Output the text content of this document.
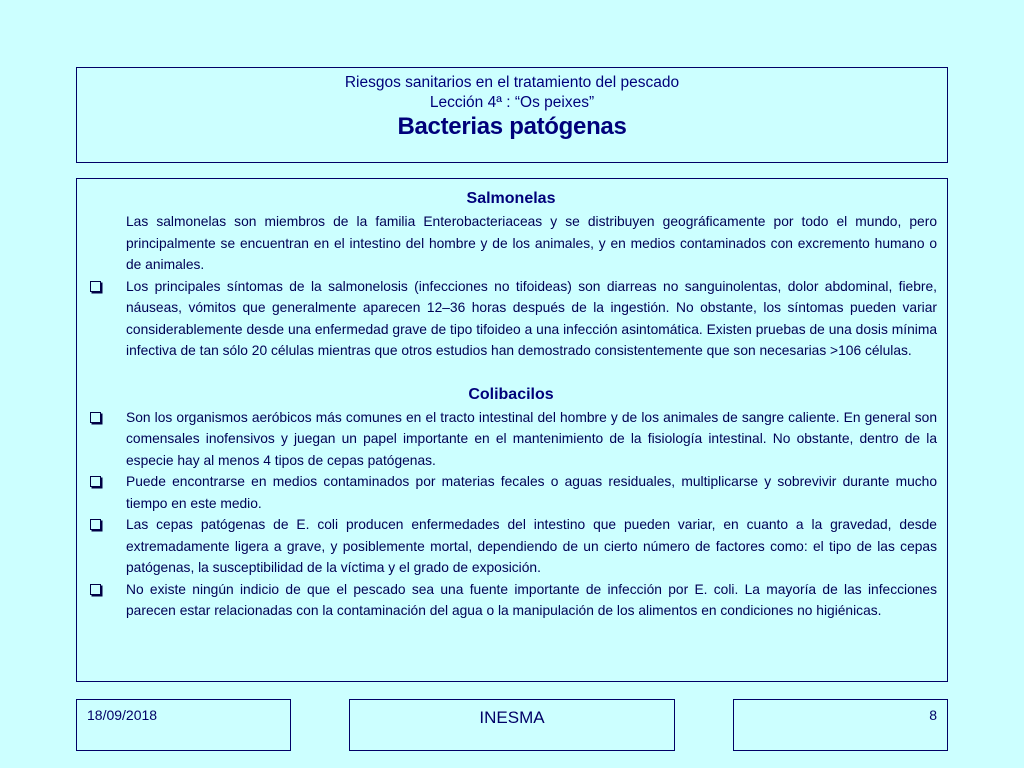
Riesgos sanitarios en el tratamiento del pescado
Lección 4ª : “Os peixes”
Bacterias patógenas
Salmonelas
Las salmonelas son miembros de la familia Enterobacteriaceas y se distribuyen geográficamente por todo el mundo, pero principalmente se encuentran en el intestino del hombre y de los animales, y en medios contaminados con excremento humano o de animales.
Los principales síntomas de la salmonelosis (infecciones no tifoideas) son diarreas no sanguinolentas, dolor abdominal, fiebre, náuseas, vómitos que generalmente aparecen 12–36 horas después de la ingestión. No obstante, los síntomas pueden variar considerablemente desde una enfermedad grave de tipo tifoideo a una infección asintomática. Existen pruebas de una dosis mínima infectiva de tan sólo 20 células mientras que otros estudios han demostrado consistentemente que son necesarias >106 células.
Colibacilos
Son los organismos aeróbicos más comunes en el tracto intestinal del hombre y de los animales de sangre caliente. En general son comensales inofensivos y juegan un papel importante en el mantenimiento de la fisiología intestinal. No obstante, dentro de la especie hay al menos 4 tipos de cepas patógenas.
Puede encontrarse en medios contaminados por materias fecales o aguas residuales, multiplicarse y sobrevivir durante mucho tiempo en este medio.
Las cepas patógenas de E. coli producen enfermedades del intestino que pueden variar, en cuanto a la gravedad, desde extremadamente ligera a grave, y posiblemente mortal, dependiendo de un cierto número de factores como: el tipo de las cepas patógenas, la susceptibilidad de la víctima y el grado de exposición.
No existe ningún indicio de que el pescado sea una fuente importante de infección por E. coli. La mayoría de las infecciones parecen estar relacionadas con la contaminación del agua o la manipulación de los alimentos en condiciones no higiénicas.
18/09/2018	INESMA	8
